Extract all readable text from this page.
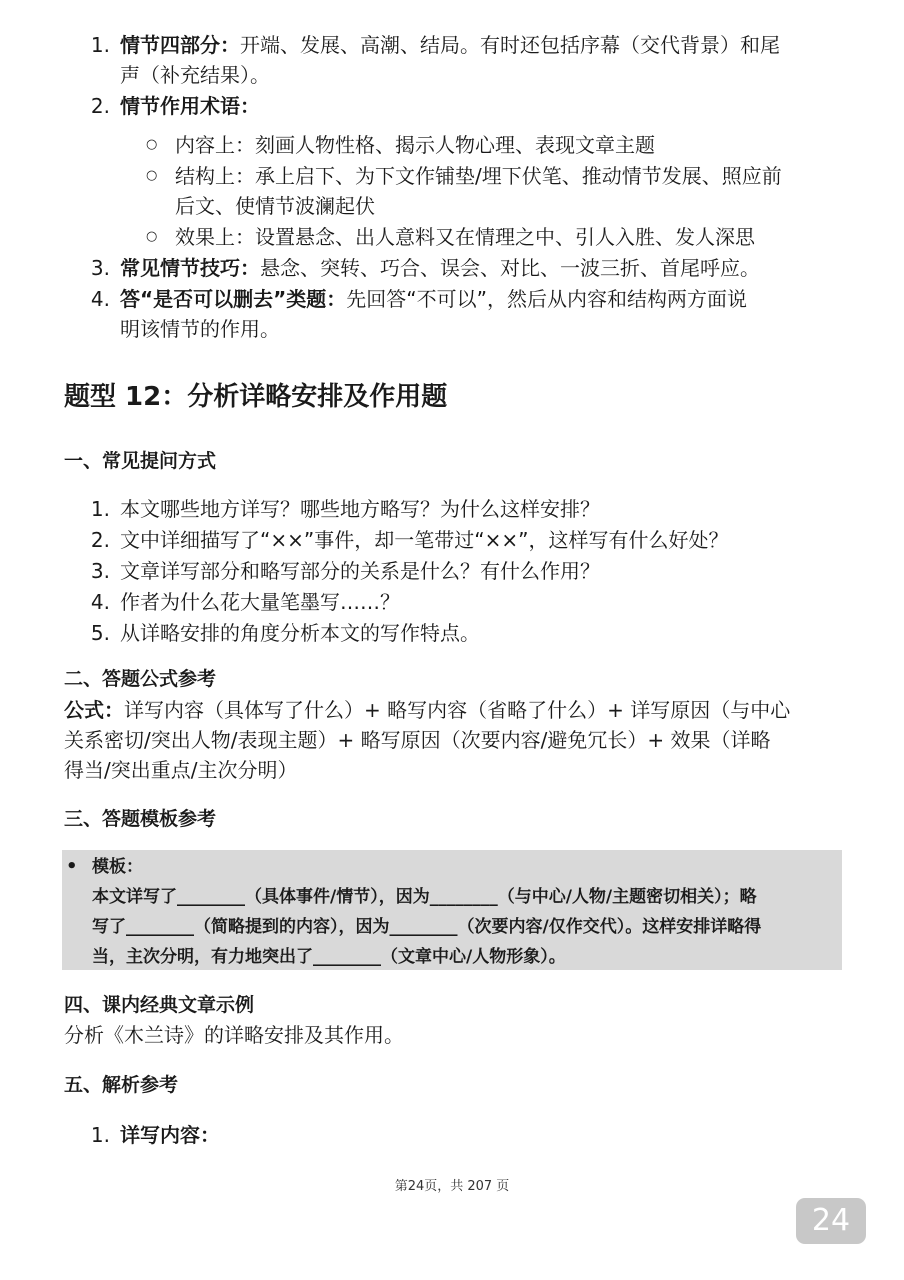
1. 情节四部分：开端、发展、高潮、结局。有时还包括序幕（交代背景）和尾
声（补充结果）。
2. 情节作用术语：
○ 内容上：刻画人物性格、揭示人物心理、表现文章主题
○ 结构上：承上启下、为下文作铺垫/埋下伏笔、推动情节发展、照应前
后文、使情节波澜起伏
○ 效果上：设置悬念、出人意料又在情理之中、引人入胜、发人深思
3. 常见情节技巧：悬念、突转、巧合、误会、对比、一波三折、首尾呼应。
4. 答“是否可以删去”类题：先回答“不可以”，然后从内容和结构两方面说
明该情节的作用。
题型 12：分析详略安排及作用题
一、常见提问方式
1. 本文哪些地方详写？哪些地方略写？为什么这样安排？
2. 文中详细描写了“××”事件，却一笔带过“××”，这样写有什么好处？
3. 文章详写部分和略写部分的关系是什么？有什么作用？
4. 作者为什么花大量笔墨写……？
5. 从详略安排的角度分析本文的写作特点。
二、答题公式参考
公式：详写内容（具体写了什么）+ 略写内容（省略了什么）+ 详写原因（与中心
关系密切/突出人物/表现主题）+ 略写原因（次要内容/避免冗长）+ 效果（详略
得当/突出重点/主次分明）
三、答题模板参考
• 模板：
本文详写了________（具体事件/情节），因为________（与中心/人物/主题密切相关）；略
写了________（简略提到的内容），因为________（次要内容/仅作交代）。这样安排详略得
当，主次分明，有力地突出了________（文章中心/人物形象）。
四、课内经典文章示例
分析《木兰诗》的详略安排及其作用。
五、解析参考
1. 详写内容：
第24页，共 207 页
24
